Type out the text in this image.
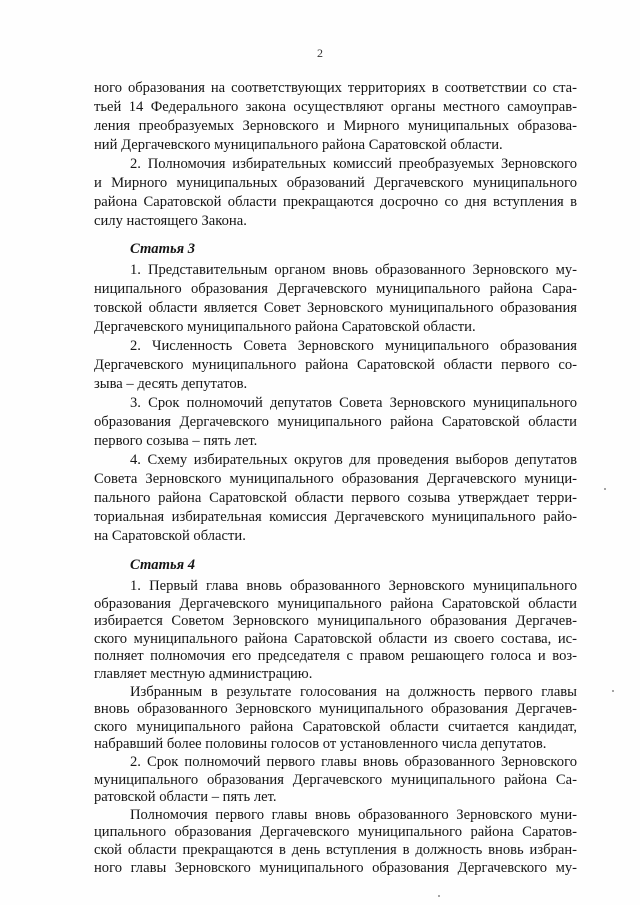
2
ного образования на соответствующих территориях в соответствии со ста-
тьей 14 Федерального закона осуществляют органы местного самоуправ-
ления преобразуемых Зерновского и Мирного муниципальных образова-
ний Дергачевского муниципального района Саратовской области.
2. Полномочия избирательных комиссий преобразуемых Зерновского
и Мирного муниципальных образований Дергачевского муниципального
района Саратовской области прекращаются досрочно со дня вступления в
силу настоящего Закона.
Статья 3
1. Представительным органом вновь образованного Зерновского му-
ниципального образования Дергачевского муниципального района Сара-
товской области является Совет Зерновского муниципального образования
Дергачевского муниципального района Саратовской области.
2. Численность Совета Зерновского муниципального образования
Дергачевского муниципального района Саратовской области первого со-
зыва – десять депутатов.
3. Срок полномочий депутатов Совета Зерновского муниципального
образования Дергачевского муниципального района Саратовской области
первого созыва – пять лет.
4. Схему избирательных округов для проведения выборов депутатов
Совета Зерновского муниципального образования Дергачевского муници-
пального района Саратовской области первого созыва утверждает терри-
ториальная избирательная комиссия Дергачевского муниципального райо-
на Саратовской области.
Статья 4
1. Первый глава вновь образованного Зерновского муниципального
образования Дергачевского муниципального района Саратовской области
избирается Советом Зерновского муниципального образования Дергачев-
ского муниципального района Саратовской области из своего состава, ис-
полняет полномочия его председателя с правом решающего голоса и воз-
главляет местную администрацию.
Избранным в результате голосования на должность первого главы
вновь образованного Зерновского муниципального образования Дергачев-
ского муниципального района Саратовской области считается кандидат,
набравший более половины голосов от установленного числа депутатов.
2. Срок полномочий первого главы вновь образованного Зерновского
муниципального образования Дергачевского муниципального района Са-
ратовской области – пять лет.
Полномочия первого главы вновь образованного Зерновского муни-
ципального образования Дергачевского муниципального района Саратов-
ской области прекращаются в день вступления в должность вновь избран-
ного главы Зерновского муниципального образования Дергачевского му-
